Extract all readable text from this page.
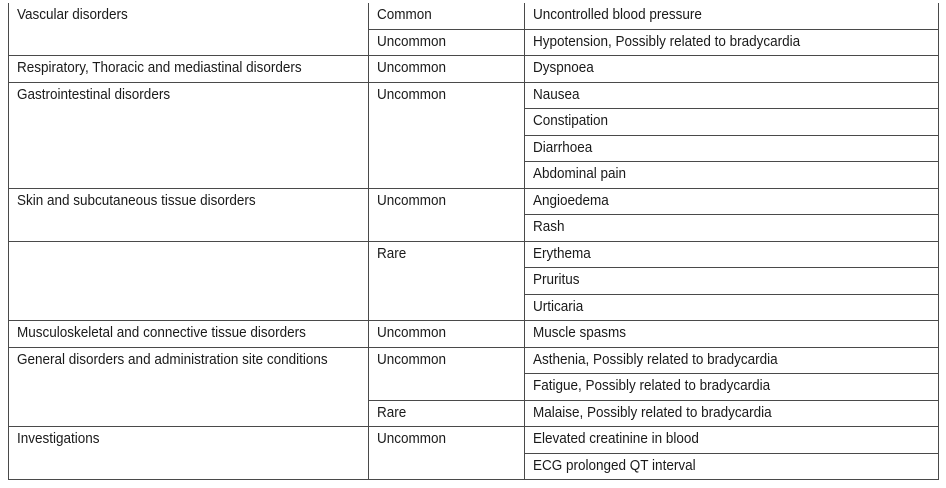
Vascular disorders	Common	Uncontrolled blood pressure
	Uncommon	Hypotension, Possibly related to bradycardia
Respiratory, Thoracic and mediastinal disorders	Uncommon	Dyspnoea
Gastrointestinal disorders	Uncommon	Nausea
		Constipation
		Diarrhoea
		Abdominal pain
Skin and subcutaneous tissue disorders	Uncommon	Angioedema
		Rash
	Rare	Erythema
		Pruritus
		Urticaria
Musculoskeletal and connective tissue disorders	Uncommon	Muscle spasms
General disorders and administration site conditions	Uncommon	Asthenia, Possibly related to bradycardia
		Fatigue, Possibly related to bradycardia
	Rare	Malaise, Possibly related to bradycardia
Investigations	Uncommon	Elevated creatinine in blood
		ECG prolonged QT interval
